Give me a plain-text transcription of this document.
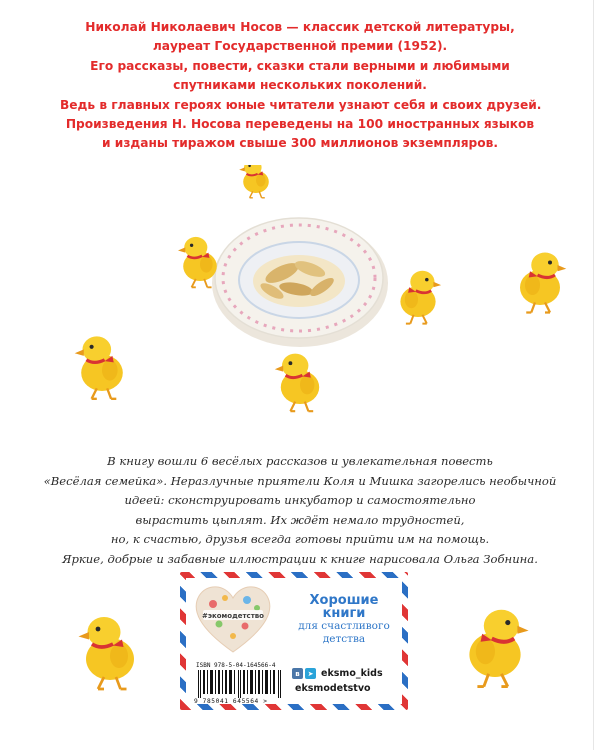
Николай Николаевич Носов — классик детской литературы,
лауреат Государственной премии (1952).
Его рассказы, повести, сказки стали верными и любимыми
спутниками нескольких поколений.
Ведь в главных героях юные читатели узнают себя и своих друзей.
Произведения Н. Носова переведены на 100 иностранных языков
и изданы тиражом свыше 300 миллионов экземпляров.
В книгу вошли 6 весёлых рассказов и увлекательная повесть
«Весёлая семейка». Неразлучные приятели Коля и Мишка загорелись необычной
идеей: сконструировать инкубатор и самостоятельно
вырастить цыплят. Их ждёт немало трудностей,
но, к счастью, друзья всегда готовы прийти им на помощь.
Яркие, добрые и забавные иллюстрации к книге нарисовала Ольга Зобнина.
#экомодетство
Хорошие
книги
для счастливого
детства
ISBN 978-5-04-164566-4
9 785041 645564 >
в	➤ eksmo_kids
eksmodetstvo
